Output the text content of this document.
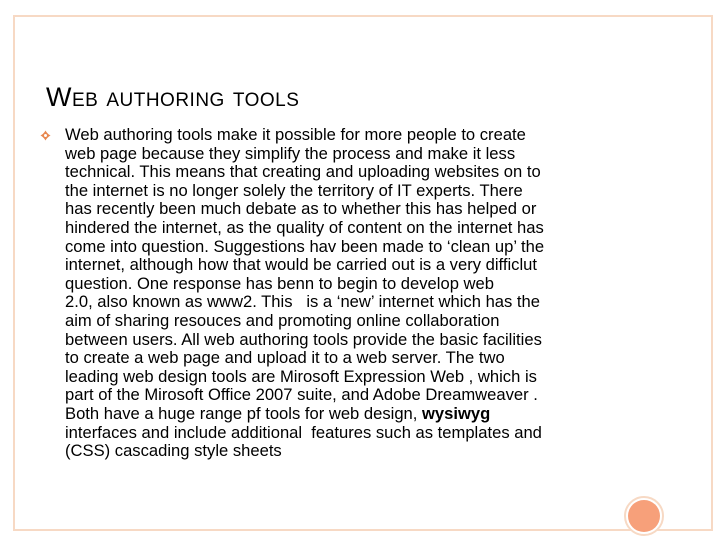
Web authoring tools

Web authoring tools make it possible for more people to create
web page because they simplify the process and make it less
technical. This means that creating and uploading websites on to
the internet is no longer solely the territory of IT experts. There
has recently been much debate as to whether this has helped or
hindered the internet, as the quality of content on the internet has
come into question. Suggestions hav been made to ‘clean up’ the
internet, although how that would be carried out is a very difficlut
question. One response has benn to begin to develop web
2.0, also known as www2. This   is a ‘new’ internet which has the
aim of sharing resouces and promoting online collaboration
between users. All web authoring tools provide the basic facilities
to create a web page and upload it to a web server. The two
leading web design tools are Mirosoft Expression Web , which is
part of the Mirosoft Office 2007 suite, and Adobe Dreamweaver .
Both have a huge range pf tools for web design, wysiwyg
interfaces and include additional  features such as templates and
(CSS) cascading style sheets
